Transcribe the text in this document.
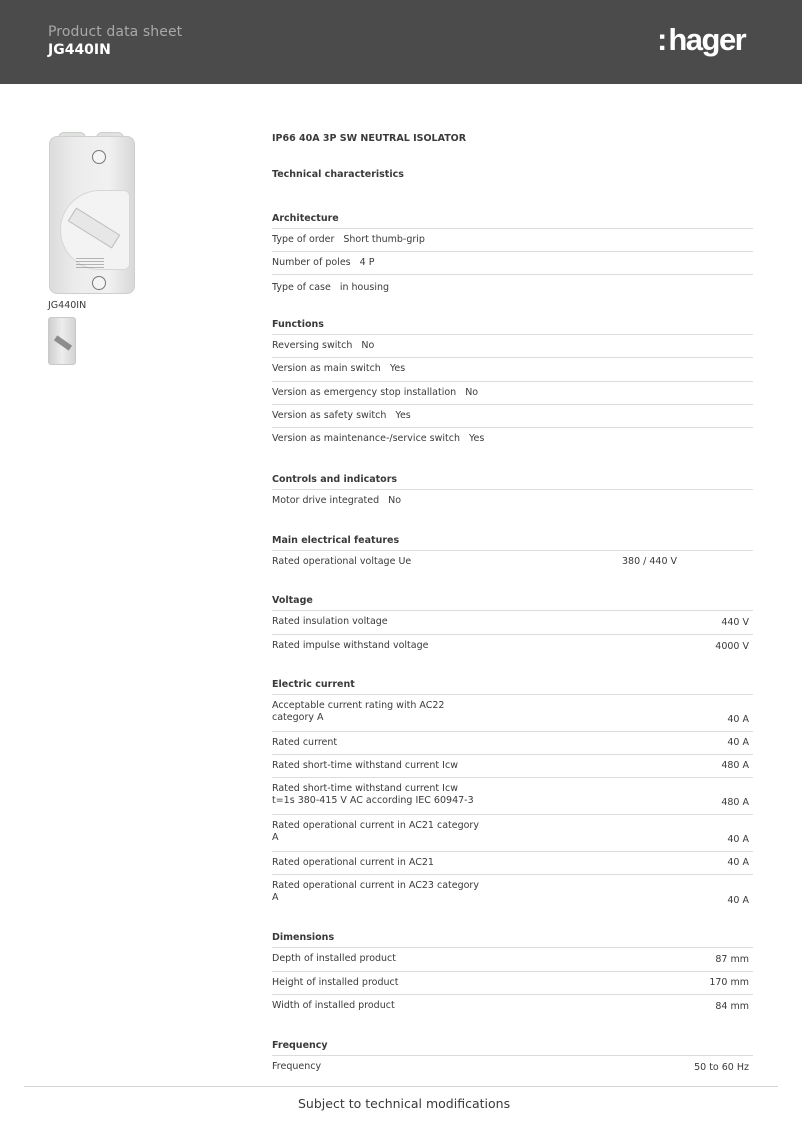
Product data sheet
JG440IN	:hager
JG440IN
IP66 40A 3P SW NEUTRAL ISOLATOR
Technical characteristics
Architecture
Type of order Short thumb-grip
Number of poles 4 P
Type of case in housing
Functions
Reversing switch No
Version as main switch Yes
Version as emergency stop installation No
Version as safety switch Yes
Version as maintenance-/service switch Yes
Controls and indicators
Motor drive integrated No
Main electrical features
Rated operational voltage Ue	380 / 440 V
Voltage
Rated insulation voltage	440 V
Rated impulse withstand voltage	4000 V
Electric current
Acceptable current rating with AC22
category A	40 A
Rated current	40 A
Rated short-time withstand current Icw	480 A
Rated short-time withstand current Icw
t=1s 380-415 V AC according IEC 60947-3	480 A
Rated operational current in AC21 category
A	40 A
Rated operational current in AC21	40 A
Rated operational current in AC23 category
A	40 A
Dimensions
Depth of installed product	87 mm
Height of installed product	170 mm
Width of installed product	84 mm
Frequency
Frequency	50 to 60 Hz
Subject to technical modifications
